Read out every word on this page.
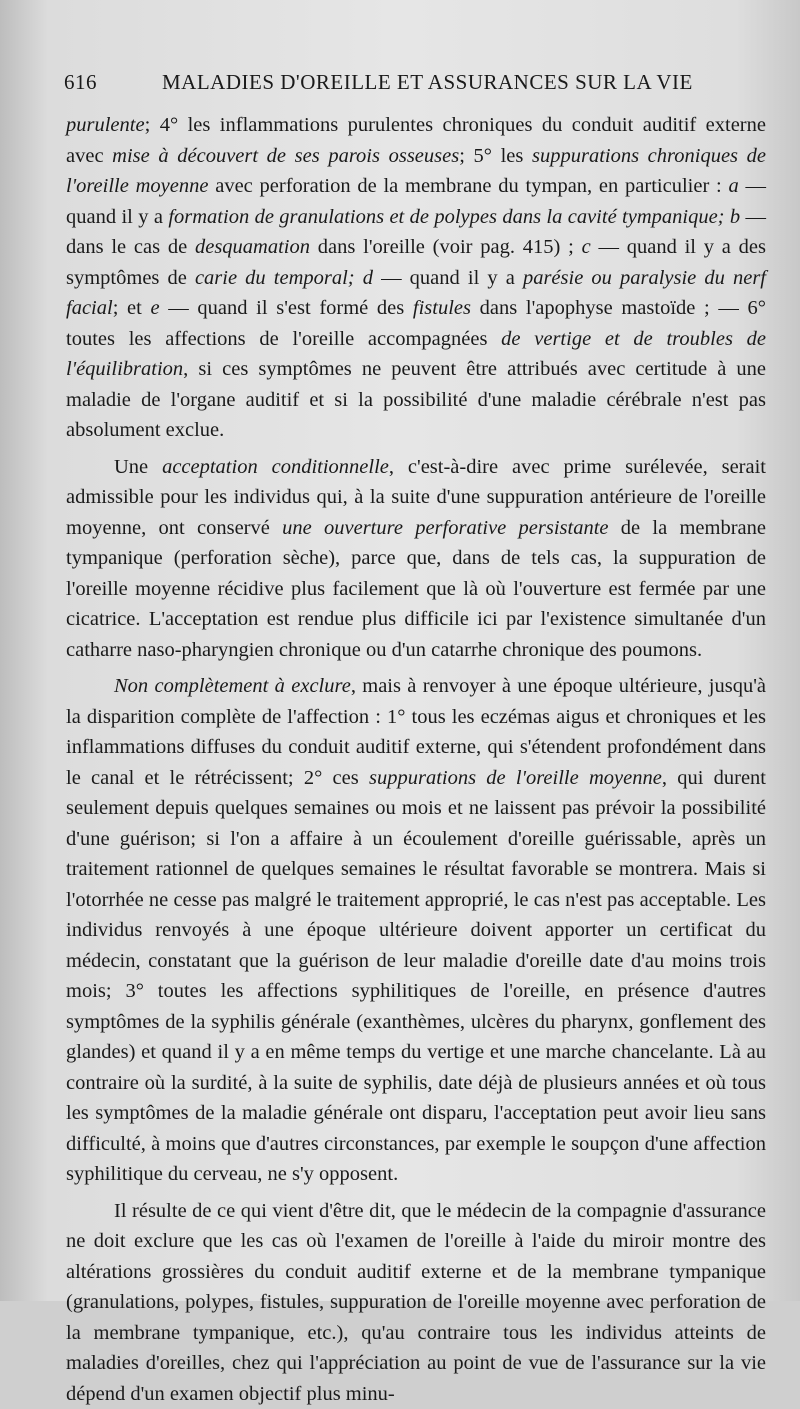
616	MALADIES D'OREILLE ET ASSURANCES SUR LA VIE

purulente; 4° les inflammations purulentes chroniques du conduit auditif externe avec mise à découvert de ses parois osseuses; 5° les suppurations chroniques de l'oreille moyenne avec perforation de la membrane du tympan, en particulier : a — quand il y a formation de granulations et de polypes dans la cavité tympanique; b — dans le cas de desquamation dans l'oreille (voir pag. 415) ; c — quand il y a des symptômes de carie du temporal; d — quand il y a parésie ou paralysie du nerf facial; et e — quand il s'est formé des fistules dans l'apophyse mastoïde ; — 6° toutes les affections de l'oreille accompagnées de vertige et de troubles de l'équilibration, si ces symptômes ne peuvent être attribués avec certitude à une maladie de l'organe auditif et si la possibilité d'une maladie cérébrale n'est pas absolument exclue.

Une acceptation conditionnelle, c'est-à-dire avec prime surélevée, serait admissible pour les individus qui, à la suite d'une suppuration antérieure de l'oreille moyenne, ont conservé une ouverture perforative persistante de la membrane tympanique (perforation sèche), parce que, dans de tels cas, la suppuration de l'oreille moyenne récidive plus facilement que là où l'ouverture est fermée par une cicatrice. L'acceptation est rendue plus difficile ici par l'existence simultanée d'un catharre naso-pharyngien chronique ou d'un catarrhe chronique des poumons.

Non complètement à exclure, mais à renvoyer à une époque ultérieure, jusqu'à la disparition complète de l'affection : 1° tous les eczémas aigus et chroniques et les inflammations diffuses du conduit auditif externe, qui s'étendent profondément dans le canal et le rétrécissent; 2° ces suppurations de l'oreille moyenne, qui durent seulement depuis quelques semaines ou mois et ne laissent pas prévoir la possibilité d'une guérison; si l'on a affaire à un écoulement d'oreille guérissable, après un traitement rationnel de quelques semaines le résultat favorable se montrera. Mais si l'otorrhée ne cesse pas malgré le traitement approprié, le cas n'est pas acceptable. Les individus renvoyés à une époque ultérieure doivent apporter un certificat du médecin, constatant que la guérison de leur maladie d'oreille date d'au moins trois mois; 3° toutes les affections syphilitiques de l'oreille, en présence d'autres symptômes de la syphilis générale (exanthèmes, ulcères du pharynx, gonflement des glandes) et quand il y a en même temps du vertige et une marche chancelante. Là au contraire où la surdité, à la suite de syphilis, date déjà de plusieurs années et où tous les symptômes de la maladie générale ont disparu, l'acceptation peut avoir lieu sans difficulté, à moins que d'autres circonstances, par exemple le soupçon d'une affection syphilitique du cerveau, ne s'y opposent.

Il résulte de ce qui vient d'être dit, que le médecin de la compagnie d'assurance ne doit exclure que les cas où l'examen de l'oreille à l'aide du miroir montre des altérations grossières du conduit auditif externe et de la membrane tympanique (granulations, polypes, fistules, suppuration de l'oreille moyenne avec perforation de la membrane tympanique, etc.), qu'au contraire tous les individus atteints de maladies d'oreilles, chez qui l'appréciation au point de vue de l'assurance sur la vie dépend d'un examen objectif plus minu-
